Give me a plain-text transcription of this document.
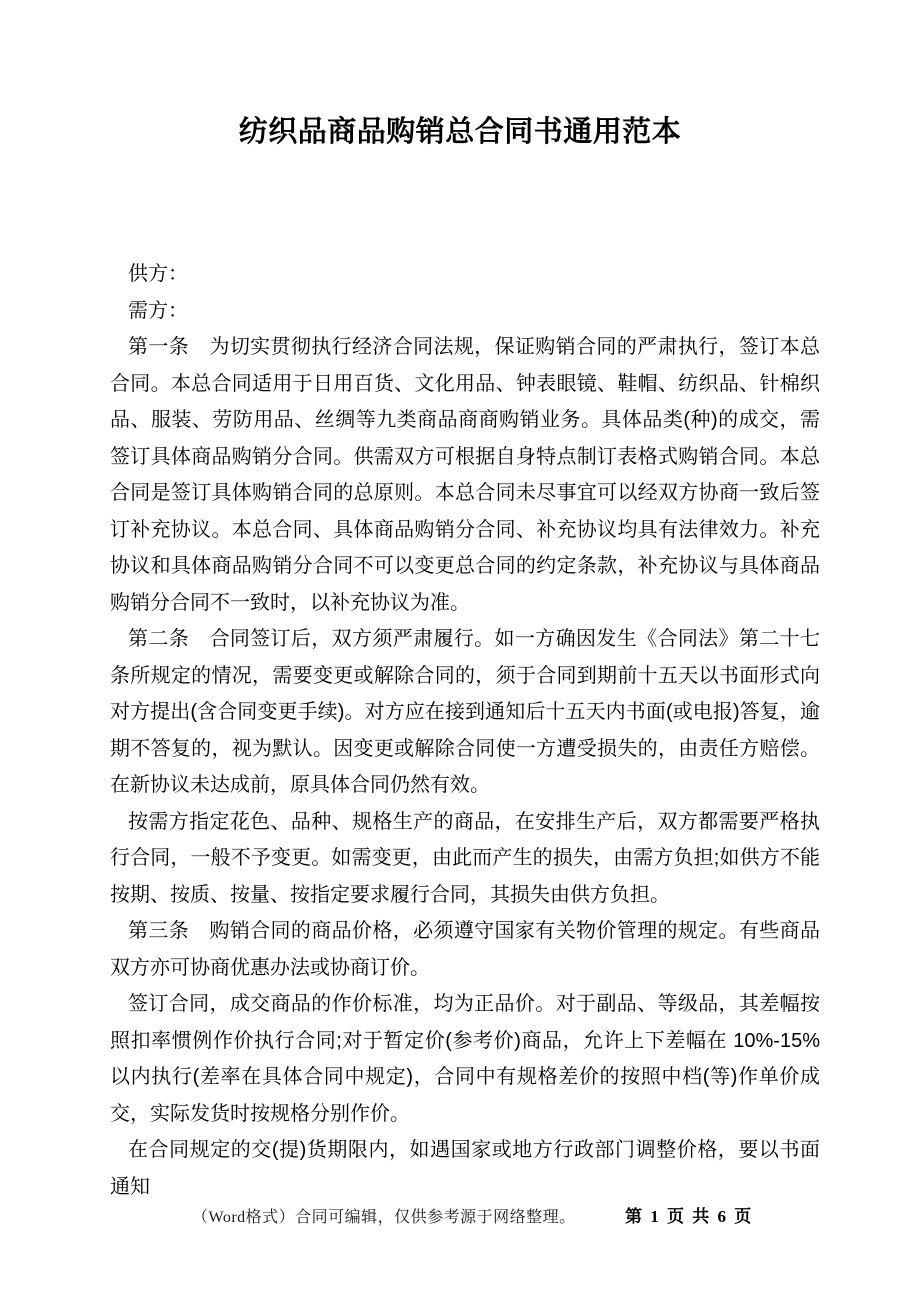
纺织品商品购销总合同书通用范本

供方：

需方：

第一条　为切实贯彻执行经济合同法规，保证购销合同的严肃执行，签订本总合同。本总合同适用于日用百货、文化用品、钟表眼镜、鞋帽、纺织品、针棉织品、服装、劳防用品、丝绸等九类商品商商购销业务。具体品类(种)的成交，需签订具体商品购销分合同。供需双方可根据自身特点制订表格式购销合同。本总合同是签订具体购销合同的总原则。本总合同未尽事宜可以经双方协商一致后签订补充协议。本总合同、具体商品购销分合同、补充协议均具有法律效力。补充协议和具体商品购销分合同不可以变更总合同的约定条款，补充协议与具体商品购销分合同不一致时，以补充协议为准。

第二条　合同签订后，双方须严肃履行。如一方确因发生《合同法》第二十七条所规定的情况，需要变更或解除合同的，须于合同到期前十五天以书面形式向对方提出(含合同变更手续)。对方应在接到通知后十五天内书面(或电报)答复，逾期不答复的，视为默认。因变更或解除合同使一方遭受损失的，由责任方赔偿。在新协议未达成前，原具体合同仍然有效。

按需方指定花色、品种、规格生产的商品，在安排生产后，双方都需要严格执行合同，一般不予变更。如需变更，由此而产生的损失，由需方负担;如供方不能按期、按质、按量、按指定要求履行合同，其损失由供方负担。

第三条　购销合同的商品价格，必须遵守国家有关物价管理的规定。有些商品双方亦可协商优惠办法或协商订价。

签订合同，成交商品的作价标准，均为正品价。对于副品、等级品，其差幅按照扣率惯例作价执行合同;对于暂定价(参考价)商品，允许上下差幅在 10%-15%以内执行(差率在具体合同中规定)，合同中有规格差价的按照中档(等)作单价成交，实际发货时按规格分别作价。

在合同规定的交(提)货期限内，如遇国家或地方行政部门调整价格，要以书面通知

（Word格式）合同可编辑，仅供参考源于网络整理。	第 1 页 共 6 页
